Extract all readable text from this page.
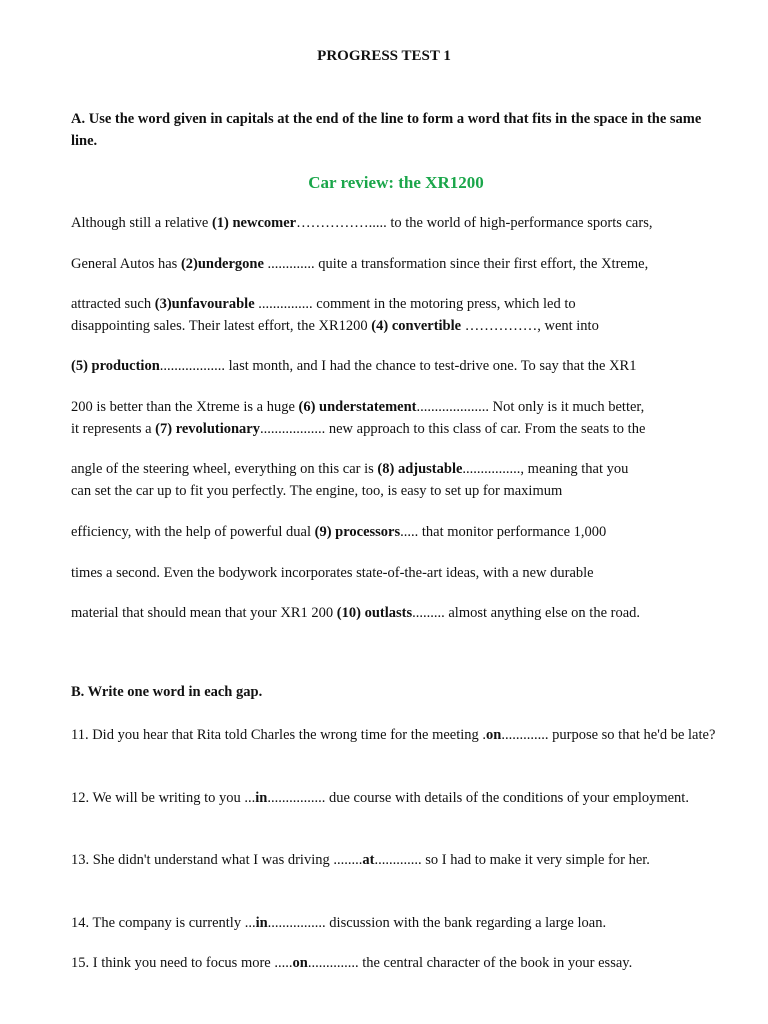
PROGRESS TEST 1
A. Use the word given in capitals at the end of the line to form a word that fits in the space in the same line.
Car review: the XR1200
Although still a relative (1) newcomer……………..... to the world of high-performance sports cars,
General Autos has (2)undergone ............. quite a transformation since their first effort, the Xtreme,
attracted such (3)unfavourable ............... comment in the motoring press, which led to
disappointing sales. Their latest effort, the XR1200 (4) convertible ……………, went into
(5) production.................. last month, and I had the chance to test-drive one. To say that the XR1
200 is better than the Xtreme is a huge (6) understatement.................... Not only is it much better,
it represents a (7) revolutionary.................. new approach to this class of car. From the seats to the
angle of the steering wheel, everything on this car is (8) adjustable................, meaning that you
can set the car up to fit you perfectly. The engine, too, is easy to set up for maximum
efficiency, with the help of powerful dual (9) processors..... that monitor performance 1,000
times a second. Even the bodywork incorporates state-of-the-art ideas, with a new durable
material that should mean that your XR1 200 (10) outlasts......... almost anything else on the road.
B. Write one word in each gap.
11. Did you hear that Rita told Charles the wrong time for the meeting .on............. purpose so that he'd be late?
12. We will be writing to you ...in................ due course with details of the conditions of your employment.
13. She didn't understand what I was driving ........at............. so I had to make it very simple for her.
14. The company is currently ...in................ discussion with the bank regarding a large loan.
15. I think you need to focus more .....on.............. the central character of the book in your essay.
